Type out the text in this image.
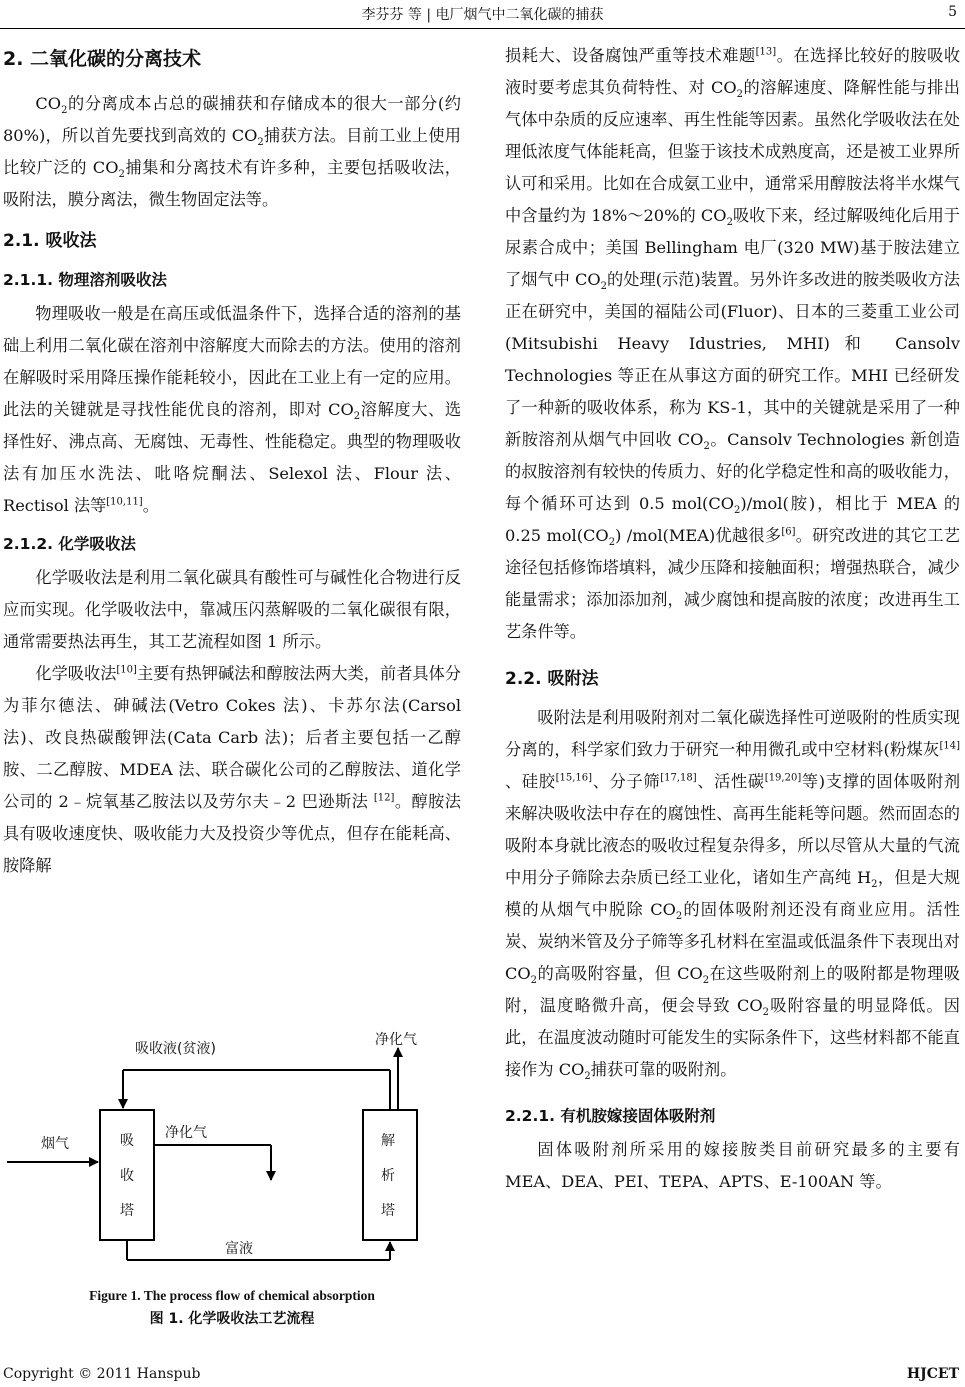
李芬芬 等 | 电厂烟气中二氧化碳的捕获	5
2. 二氧化碳的分离技术

$CO_2$的分离成本占总的碳捕获和存储成本的很大一部分(约 80%)，所以首先要找到高效的 $CO_2$捕获方法。目前工业上使用比较广泛的 $CO_2$捕集和分离技术有许多种，主要包括吸收法，吸附法，膜分离法，微生物固定法等。

2.1. 吸收法
2.1.1. 物理溶剂吸收法

物理吸收一般是在高压或低温条件下，选择合适的溶剂的基础上利用二氧化碳在溶剂中溶解度大而除去的方法。使用的溶剂在解吸时采用降压操作能耗较小，因此在工业上有一定的应用。此法的关键就是寻找性能优良的溶剂，即对 $CO_2$溶解度大、选择性好、沸点高、无腐蚀、无毒性、性能稳定。典型的物理吸收法有加压水洗法、吡咯烷酮法、Selexol 法、Flour 法、Rectisol 法等[10,11]。

2.1.2. 化学吸收法

化学吸收法是利用二氧化碳具有酸性可与碱性化合物进行反应而实现。化学吸收法中，靠减压闪蒸解吸的二氧化碳很有限，通常需要热法再生，其工艺流程如图 1 所示。

化学吸收法[10]主要有热钾碱法和醇胺法两大类，前者具体分为菲尔德法、砷碱法(Vetro Cokes 法)、卡苏尔法(Carsol 法)、改良热碳酸钾法(Cata Carb 法)；后者主要包括一乙醇胺、二乙醇胺、MDEA 法、联合碳化公司的乙醇胺法、道化学公司的 2﹣烷氧基乙胺法以及劳尔夫﹣2 巴逊斯法 [12]。醇胺法具有吸收速度快、吸收能力大及投资少等优点，但存在能耗高、胺降解

吸收液(贫液)
净化气
烟气
净化气
吸
收
塔
解
析
塔
富液
Figure 1. The process flow of chemical absorption
图 1. 化学吸收法工艺流程

损耗大、设备腐蚀严重等技术难题[13]。在选择比较好的胺吸收液时要考虑其负荷特性、对 $CO_2$的溶解速度、降解性能与排出气体中杂质的反应速率、再生性能等因素。虽然化学吸收法在处理低浓度气体能耗高，但鉴于该技术成熟度高，还是被工业界所认可和采用。比如在合成氨工业中，通常采用醇胺法将半水煤气中含量约为 18%～20%的 $CO_2$吸收下来，经过解吸纯化后用于尿素合成中；美国 Bellingham 电厂(320 MW)基于胺法建立了烟气中 $CO_2$的处理(示范)装置。另外许多改进的胺类吸收方法正在研究中，美国的福陆公司(Fluor)、日本的三菱重工业公司(Mitsubishi Heavy Idustries, MHI)和 Cansolv Technologies 等正在从事这方面的研究工作。MHI 已经研发了一种新的吸收体系，称为 KS-1，其中的关键就是采用了一种新胺溶剂从烟气中回收 $CO_2$。Cansolv Technologies 新创造的叔胺溶剂有较快的传质力、好的化学稳定性和高的吸收能力，每个循环可达到 0.5 $mol(CO_2)/mol$(胺)，相比于 MEA 的 0.25 $mol(CO_2)$ /mol(MEA)优越很多[6]。研究改进的其它工艺途径包括修饰塔填料，减少压降和接触面积；增强热联合，减少能量需求；添加添加剂，减少腐蚀和提高胺的浓度；改进再生工艺条件等。

2.2. 吸附法

吸附法是利用吸附剂对二氧化碳选择性可逆吸附的性质实现分离的，科学家们致力于研究一种用微孔或中空材料(粉煤灰[14] 、硅胶[15,16]、分子筛[17,18]、活性碳[19,20]等)支撑的固体吸附剂来解决吸收法中存在的腐蚀性、高再生能耗等问题。然而固态的吸附本身就比液态的吸收过程复杂得多，所以尽管从大量的气流中用分子筛除去杂质已经工业化，诸如生产高纯 $H_2$，但是大规模的从烟气中脱除 $CO_2$的固体吸附剂还没有商业应用。活性炭、炭纳米管及分子筛等多孔材料在室温或低温条件下表现出对 $CO_2$的高吸附容量，但 $CO_2$在这些吸附剂上的吸附都是物理吸附，温度略微升高，便会导致 $CO_2$吸附容量的明显降低。因此，在温度波动随时可能发生的实际条件下，这些材料都不能直接作为 $CO_2$捕获可靠的吸附剂。

2.2.1. 有机胺嫁接固体吸附剂

固体吸附剂所采用的嫁接胺类目前研究最多的主要有 MEA、DEA、PEI、TEPA、APTS、E-100AN 等。

Copyright © 2011 Hanspub	HJCET
